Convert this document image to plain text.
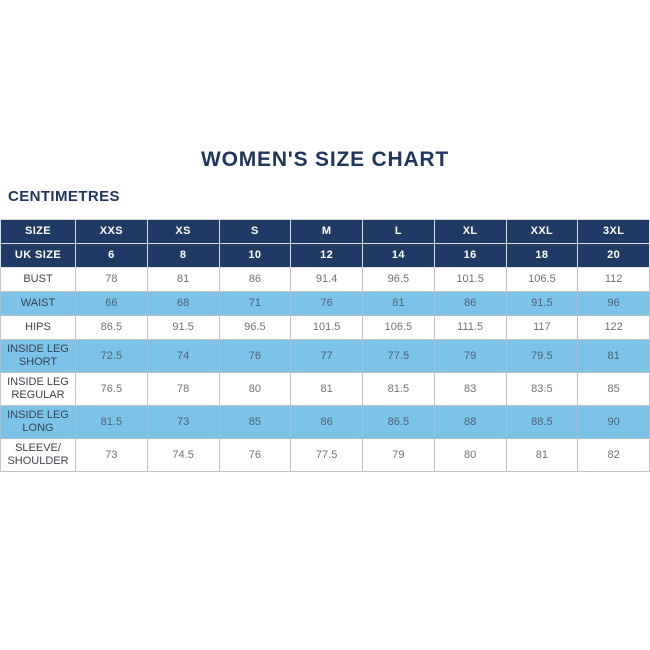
WOMEN'S SIZE CHART
CENTIMETRES
SIZE	XXS	XS	S	M	L	XL	XXL	3XL
UK SIZE	6	8	10	12	14	16	18	20
BUST	78	81	86	91.4	96.5	101.5	106.5	112
WAIST	66	68	71	76	81	86	91.5	96
HIPS	86.5	91.5	96.5	101.5	106.5	111.5	117	122
INSIDE LEG SHORT	72.5	74	76	77	77.5	79	79.5	81
INSIDE LEG REGULAR	76.5	78	80	81	81.5	83	83.5	85
INSIDE LEG LONG	81.5	73	85	86	86.5	88	88.5	90
SLEEVE/​SHOULDER	73	74.5	76	77.5	79	80	81	82
